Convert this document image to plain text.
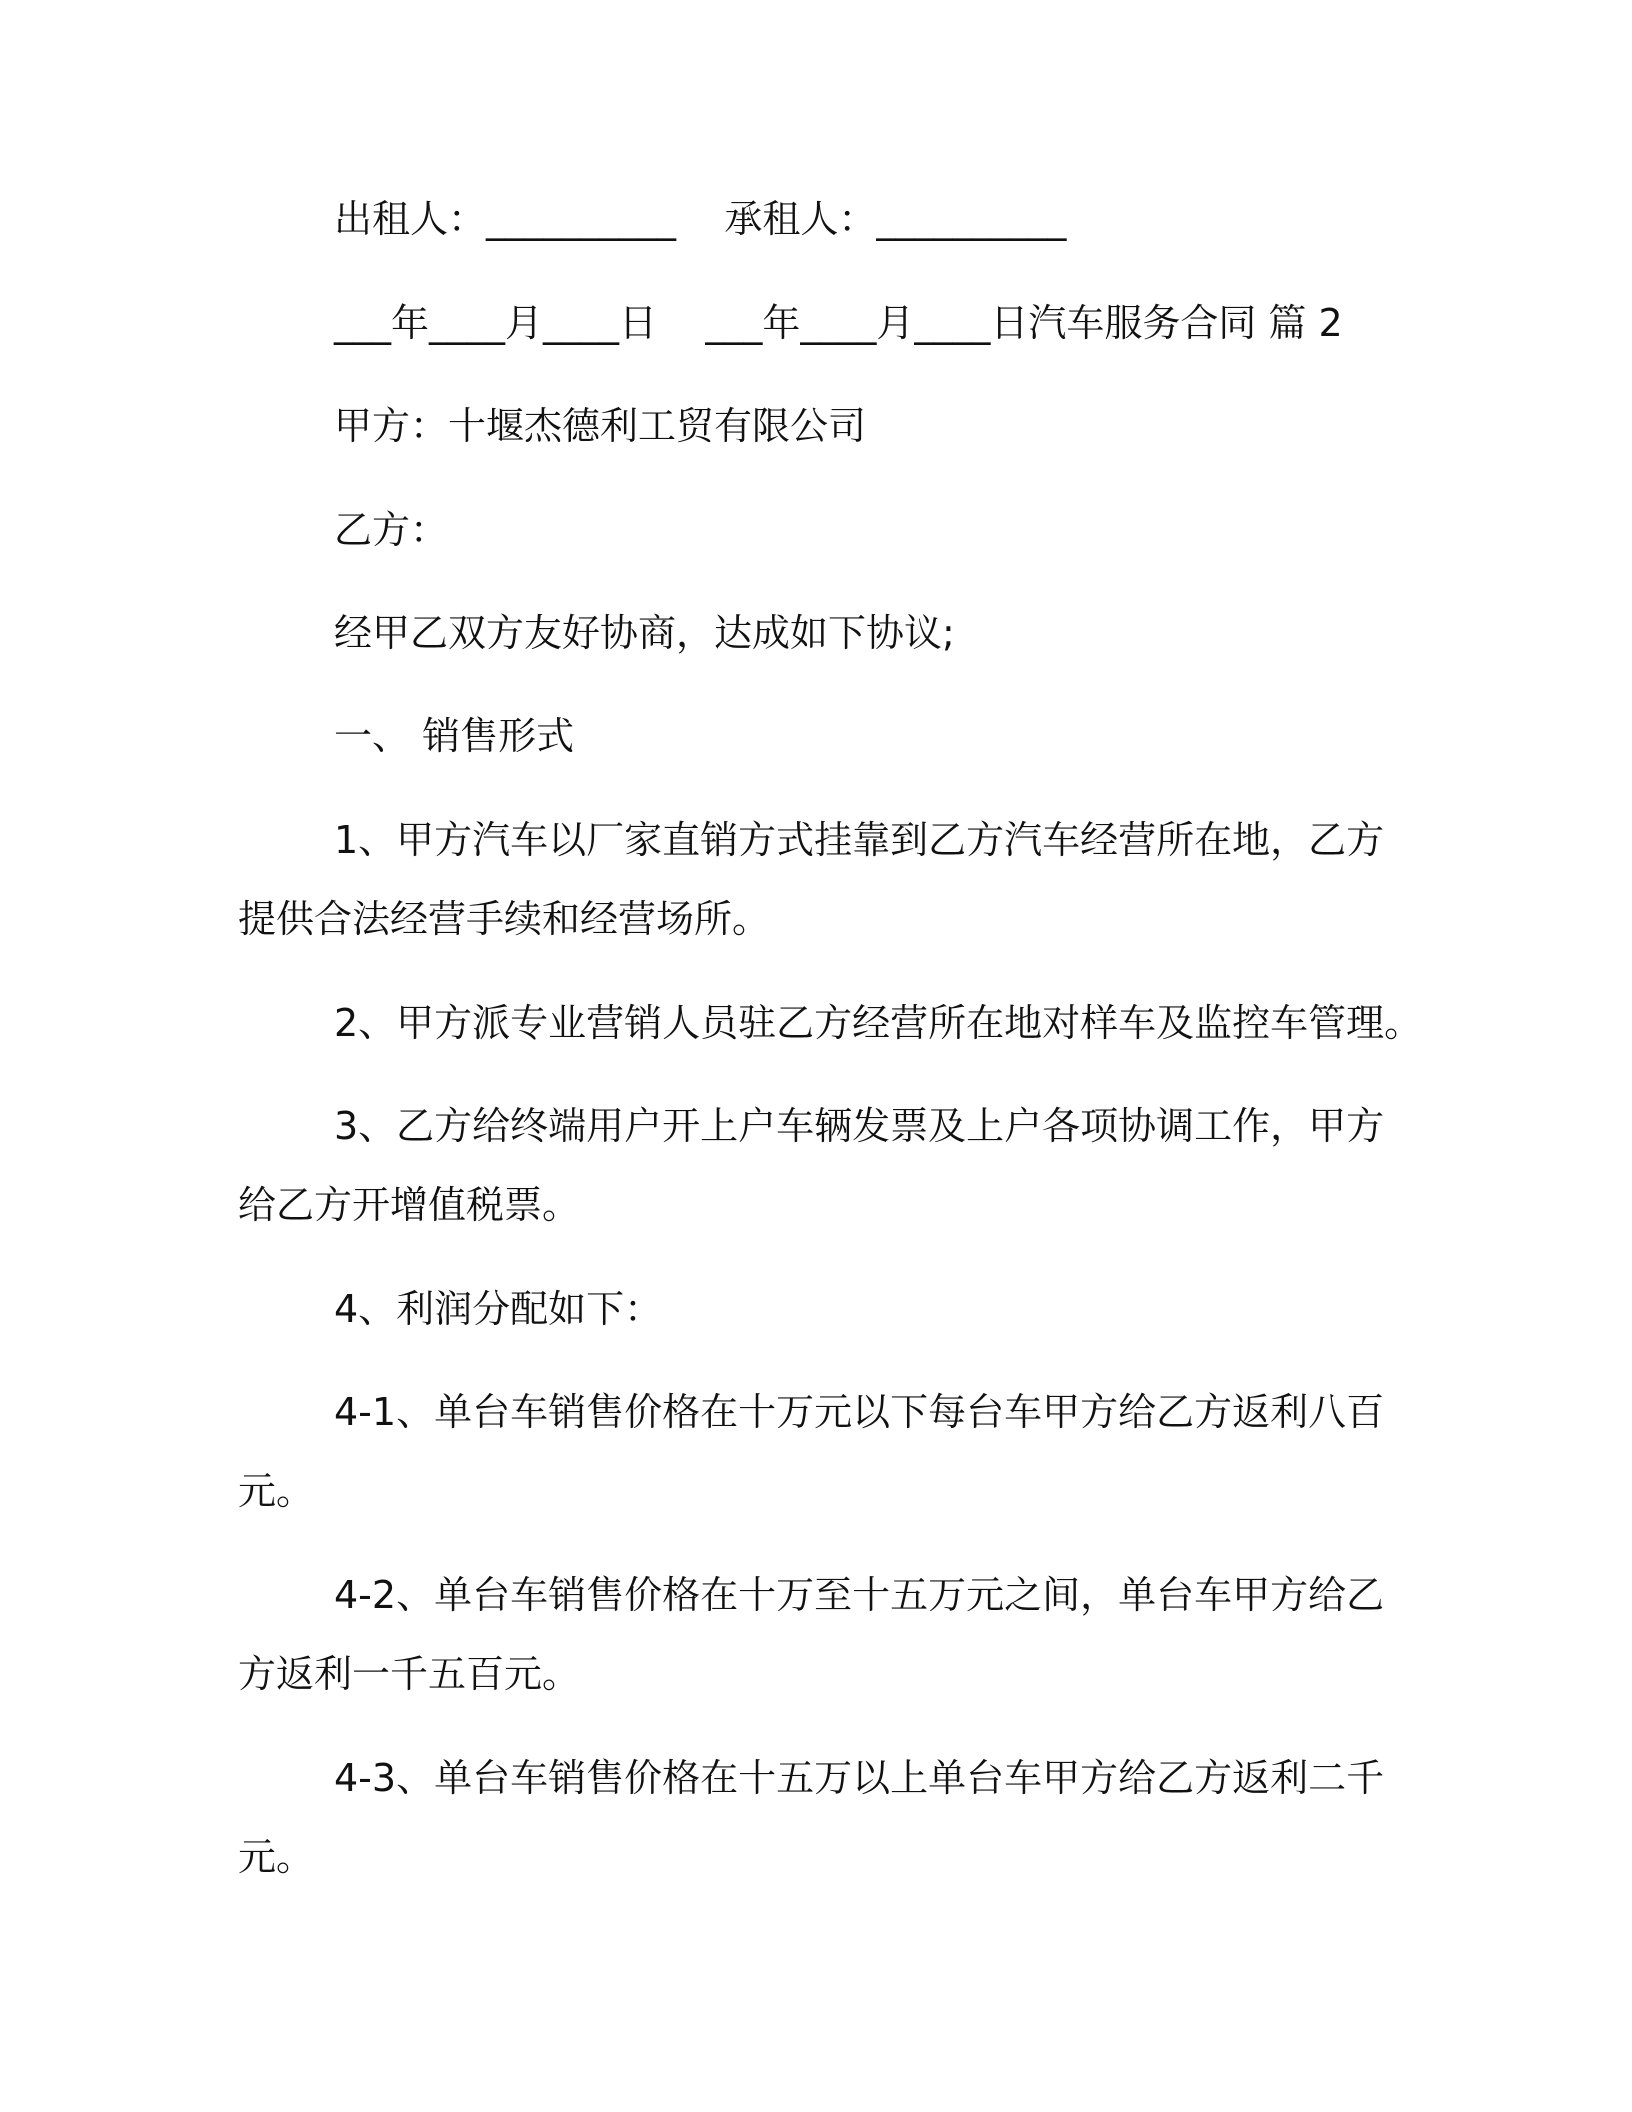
出租人：__________    承租人：__________

___年____月____日    ___年____月____日汽车服务合同 篇 2

甲方：十堰杰德利工贸有限公司

乙方：

经甲乙双方友好协商，达成如下协议;

一、 销售形式

1、甲方汽车以厂家直销方式挂靠到乙方汽车经营所在地，乙方

提供合法经营手续和经营场所。

2、甲方派专业营销人员驻乙方经营所在地对样车及监控车管理。

3、乙方给终端用户开上户车辆发票及上户各项协调工作，甲方

给乙方开增值税票。

4、利润分配如下：

4-1、单台车销售价格在十万元以下每台车甲方给乙方返利八百

元。

4-2、单台车销售价格在十万至十五万元之间，单台车甲方给乙

方返利一千五百元。

4-3、单台车销售价格在十五万以上单台车甲方给乙方返利二千

元。
